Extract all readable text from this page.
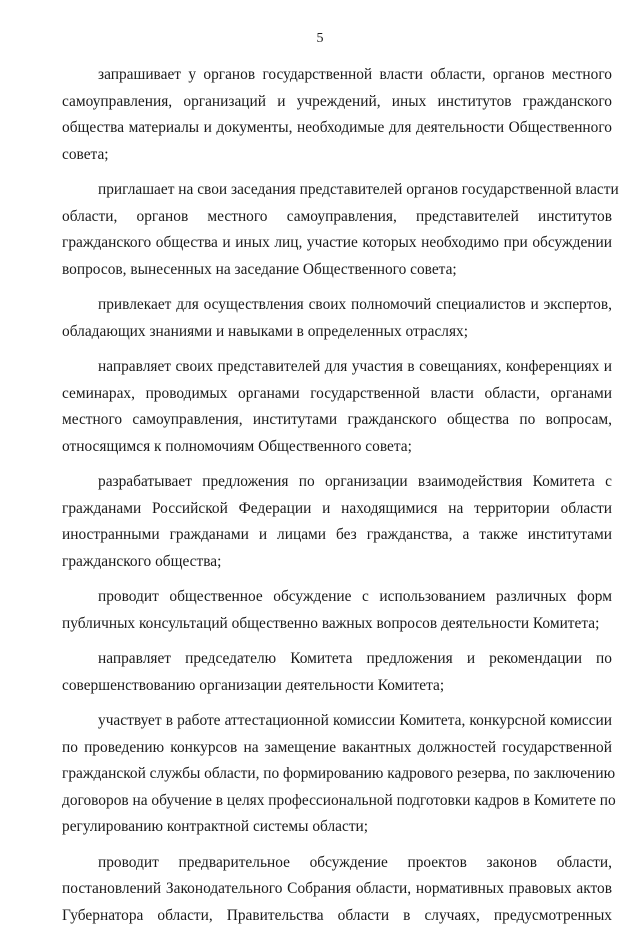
5
запрашивает у органов государственной власти области, органов местного
самоуправления, организаций и учреждений, иных институтов гражданского
общества материалы и документы, необходимые для деятельности Общественного
совета;
приглашает на свои заседания представителей органов государственной власти
области, органов местного самоуправления, представителей институтов
гражданского общества и иных лиц, участие которых необходимо при обсуждении
вопросов, вынесенных на заседание Общественного совета;
привлекает для осуществления своих полномочий специалистов и экспертов,
обладающих знаниями и навыками в определенных отраслях;
направляет своих представителей для участия в совещаниях, конференциях и
семинарах, проводимых органами государственной власти области, органами
местного самоуправления, институтами гражданского общества по вопросам,
относящимся к полномочиям Общественного совета;
разрабатывает предложения по организации взаимодействия Комитета с
гражданами Российской Федерации и находящимися на территории области
иностранными гражданами и лицами без гражданства, а также институтами
гражданского общества;
проводит общественное обсуждение с использованием различных форм
публичных консультаций общественно важных вопросов деятельности Комитета;
направляет председателю Комитета предложения и рекомендации по
совершенствованию организации деятельности Комитета;
участвует в работе аттестационной комиссии Комитета, конкурсной комиссии
по проведению конкурсов на замещение вакантных должностей государственной
гражданской службы области, по формированию кадрового резерва, по заключению
договоров на обучение в целях профессиональной подготовки кадров в Комитете по
регулированию контрактной системы области;
проводит предварительное обсуждение проектов законов области,
постановлений Законодательного Собрания области, нормативных правовых актов
Губернатора области, Правительства области в случаях, предусмотренных
